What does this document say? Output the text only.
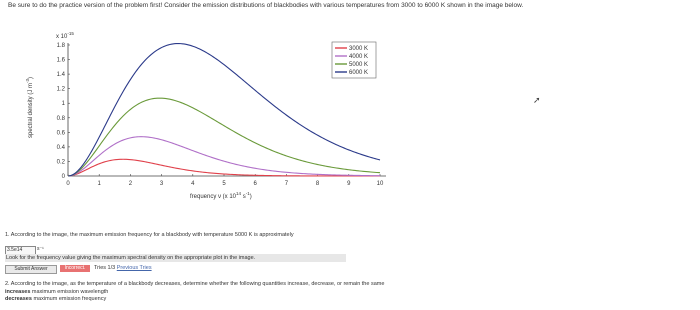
Be sure to do the practice version of the problem first! Consider the emission distributions of blackbodies with various temperatures from 3000 to 6000 K shown in the image below.
0	1	2	3	4	5	6	7	8	9	10
0
0.2
0.4
0.6
0.8
1
1.2
1.4
1.6
1.8
x $10^{-15}$
spectral density (J $m^{-3}$)
frequency ν (x $10^{14}$ $s^{-1}$)
3000 K
4000 K
5000 K
6000 K
1. According to the image, the maximum emission frequency for a blackbody with temperature 5000 K is approximately
3.5e14	s⁻¹
Look for the frequency value giving the maximum spectral density on the appropriate plot in the image.
Submit Answer	Incorrect.	Tries 1/3 Previous Tries
2. According to the image, as the temperature of a blackbody decreases, determine whether the following quantities increase, decrease, or remain the same
increases maximum emission wavelength
decreases maximum emission frequency
➚
